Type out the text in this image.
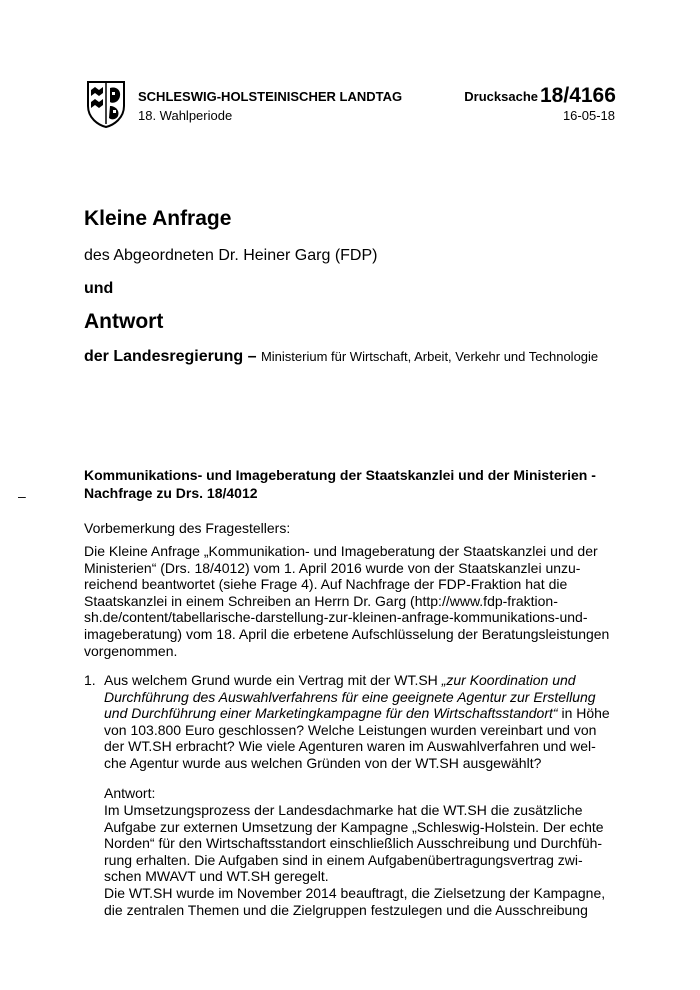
SCHLESWIG-HOLSTEINISCHER LANDTAG
18. Wahlperiode
Drucksache 18/4166
16-05-18
Kleine Anfrage
des Abgeordneten Dr. Heiner Garg (FDP)
und
Antwort
der Landesregierung – Ministerium für Wirtschaft, Arbeit, Verkehr und Technologie
Kommunikations- und Imageberatung der Staatskanzlei und der Ministerien -
Nachfrage zu Drs. 18/4012
–
Vorbemerkung des Fragestellers:
Die Kleine Anfrage „Kommunikation- und Imageberatung der Staatskanzlei und der
Ministerien“ (Drs. 18/4012) vom 1. April 2016 wurde von der Staatskanzlei unzu-
reichend beantwortet (siehe Frage 4). Auf Nachfrage der FDP-Fraktion hat die
Staatskanzlei in einem Schreiben an Herrn Dr. Garg (http://www.fdp-fraktion-
sh.de/content/tabellarische-darstellung-zur-kleinen-anfrage-kommunikations-und-
imageberatung) vom 18. April die erbetene Aufschlüsselung der Beratungsleistungen
vorgenommen.
1. Aus welchem Grund wurde ein Vertrag mit der WT.SH „zur Koordination und
Durchführung des Auswahlverfahrens für eine geeignete Agentur zur Erstellung
und Durchführung einer Marketingkampagne für den Wirtschaftsstandort“ in Höhe
von 103.800 Euro geschlossen? Welche Leistungen wurden vereinbart und von
der WT.SH erbracht? Wie viele Agenturen waren im Auswahlverfahren und wel-
che Agentur wurde aus welchen Gründen von der WT.SH ausgewählt?
Antwort:
Im Umsetzungsprozess der Landesdachmarke hat die WT.SH die zusätzliche
Aufgabe zur externen Umsetzung der Kampagne „Schleswig-Holstein. Der echte
Norden“ für den Wirtschaftsstandort einschließlich Ausschreibung und Durchfüh-
rung erhalten. Die Aufgaben sind in einem Aufgabenübertragungsvertrag zwi-
schen MWAVT und WT.SH geregelt.
Die WT.SH wurde im November 2014 beauftragt, die Zielsetzung der Kampagne,
die zentralen Themen und die Zielgruppen festzulegen und die Ausschreibung
